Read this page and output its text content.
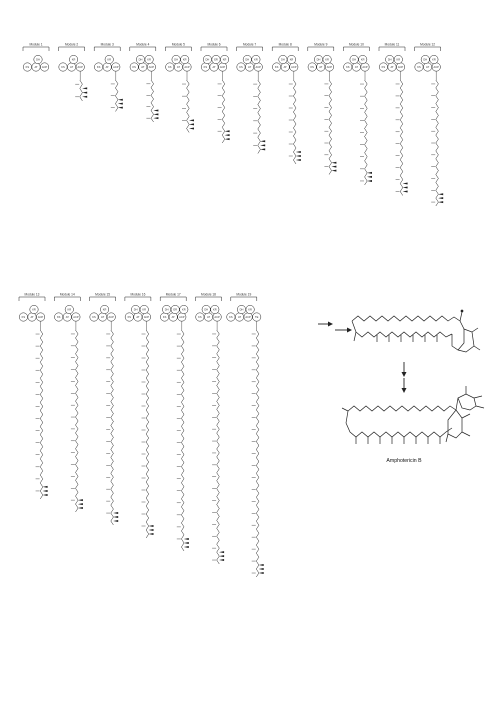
Module 1
KS AT ACP
DH
Module 2
KS AT ACP
KR
Module 3
KS AT ACP
KR
Module 4
KS AT ACP
DH KR
Module 5
KS AT ACP
DH KR
Module 6
KS AT ACP
DH ER KR
Module 7
KS AT ACP
DH KR
Module 8
KS AT ACP
DH KR
Module 9
KS AT ACP
DH KR
Module 10
KS AT ACP
DH KR
Module 11
KS AT ACP
DH KR
Module 12
KS AT ACP
DH KR
Module 13
KS AT ACP
KR
Module 14
KS AT ACP
KR
Module 15
KS AT ACP
KR
Module 16
KS AT ACP
DH KR
Module 17
KS AT ACP
DH ER KR
Module 18
KS AT ACP
DH KR
Module 19
KS AT ACP TE
DH KR
Amphotericin B
